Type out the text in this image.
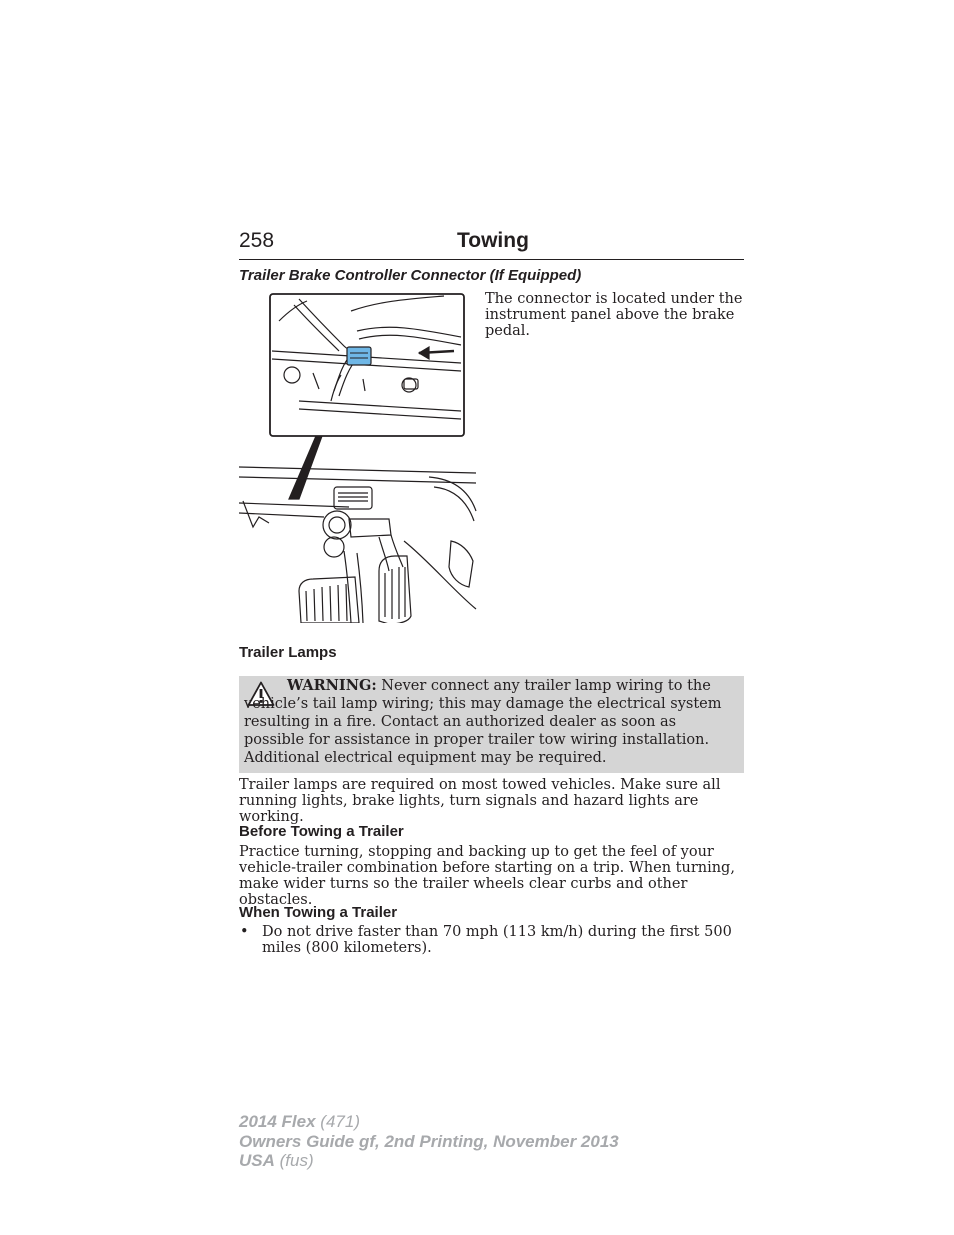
258	Towing
Trailer Brake Controller Connector (If Equipped)
The connector is located under the instrument panel above the brake pedal.
Trailer Lamps
WARNING: Never connect any trailer lamp wiring to the vehicle’s tail lamp wiring; this may damage the electrical system resulting in a fire. Contact an authorized dealer as soon as possible for assistance in proper trailer tow wiring installation. Additional electrical equipment may be required.
Trailer lamps are required on most towed vehicles. Make sure all running lights, brake lights, turn signals and hazard lights are working.
Before Towing a Trailer
Practice turning, stopping and backing up to get the feel of your vehicle-trailer combination before starting on a trip. When turning, make wider turns so the trailer wheels clear curbs and other obstacles.
When Towing a Trailer
• Do not drive faster than 70 mph (113 km/h) during the first 500 miles (800 kilometers).
2014 Flex (471)
Owners Guide gf, 2nd Printing, November 2013
USA (fus)
